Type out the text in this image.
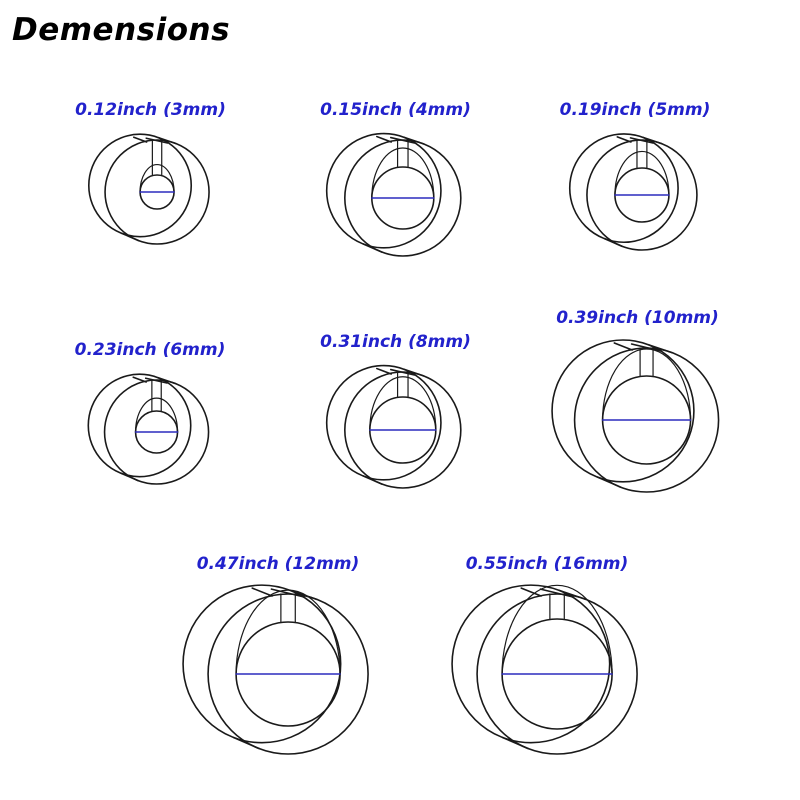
Demensions
0.12inch (3mm)	0.15inch (4mm)	0.19inch (5mm)
0.23inch (6mm)	0.31inch (8mm)
0.39inch (10mm)
0.47inch (12mm)	0.55inch (16mm)
